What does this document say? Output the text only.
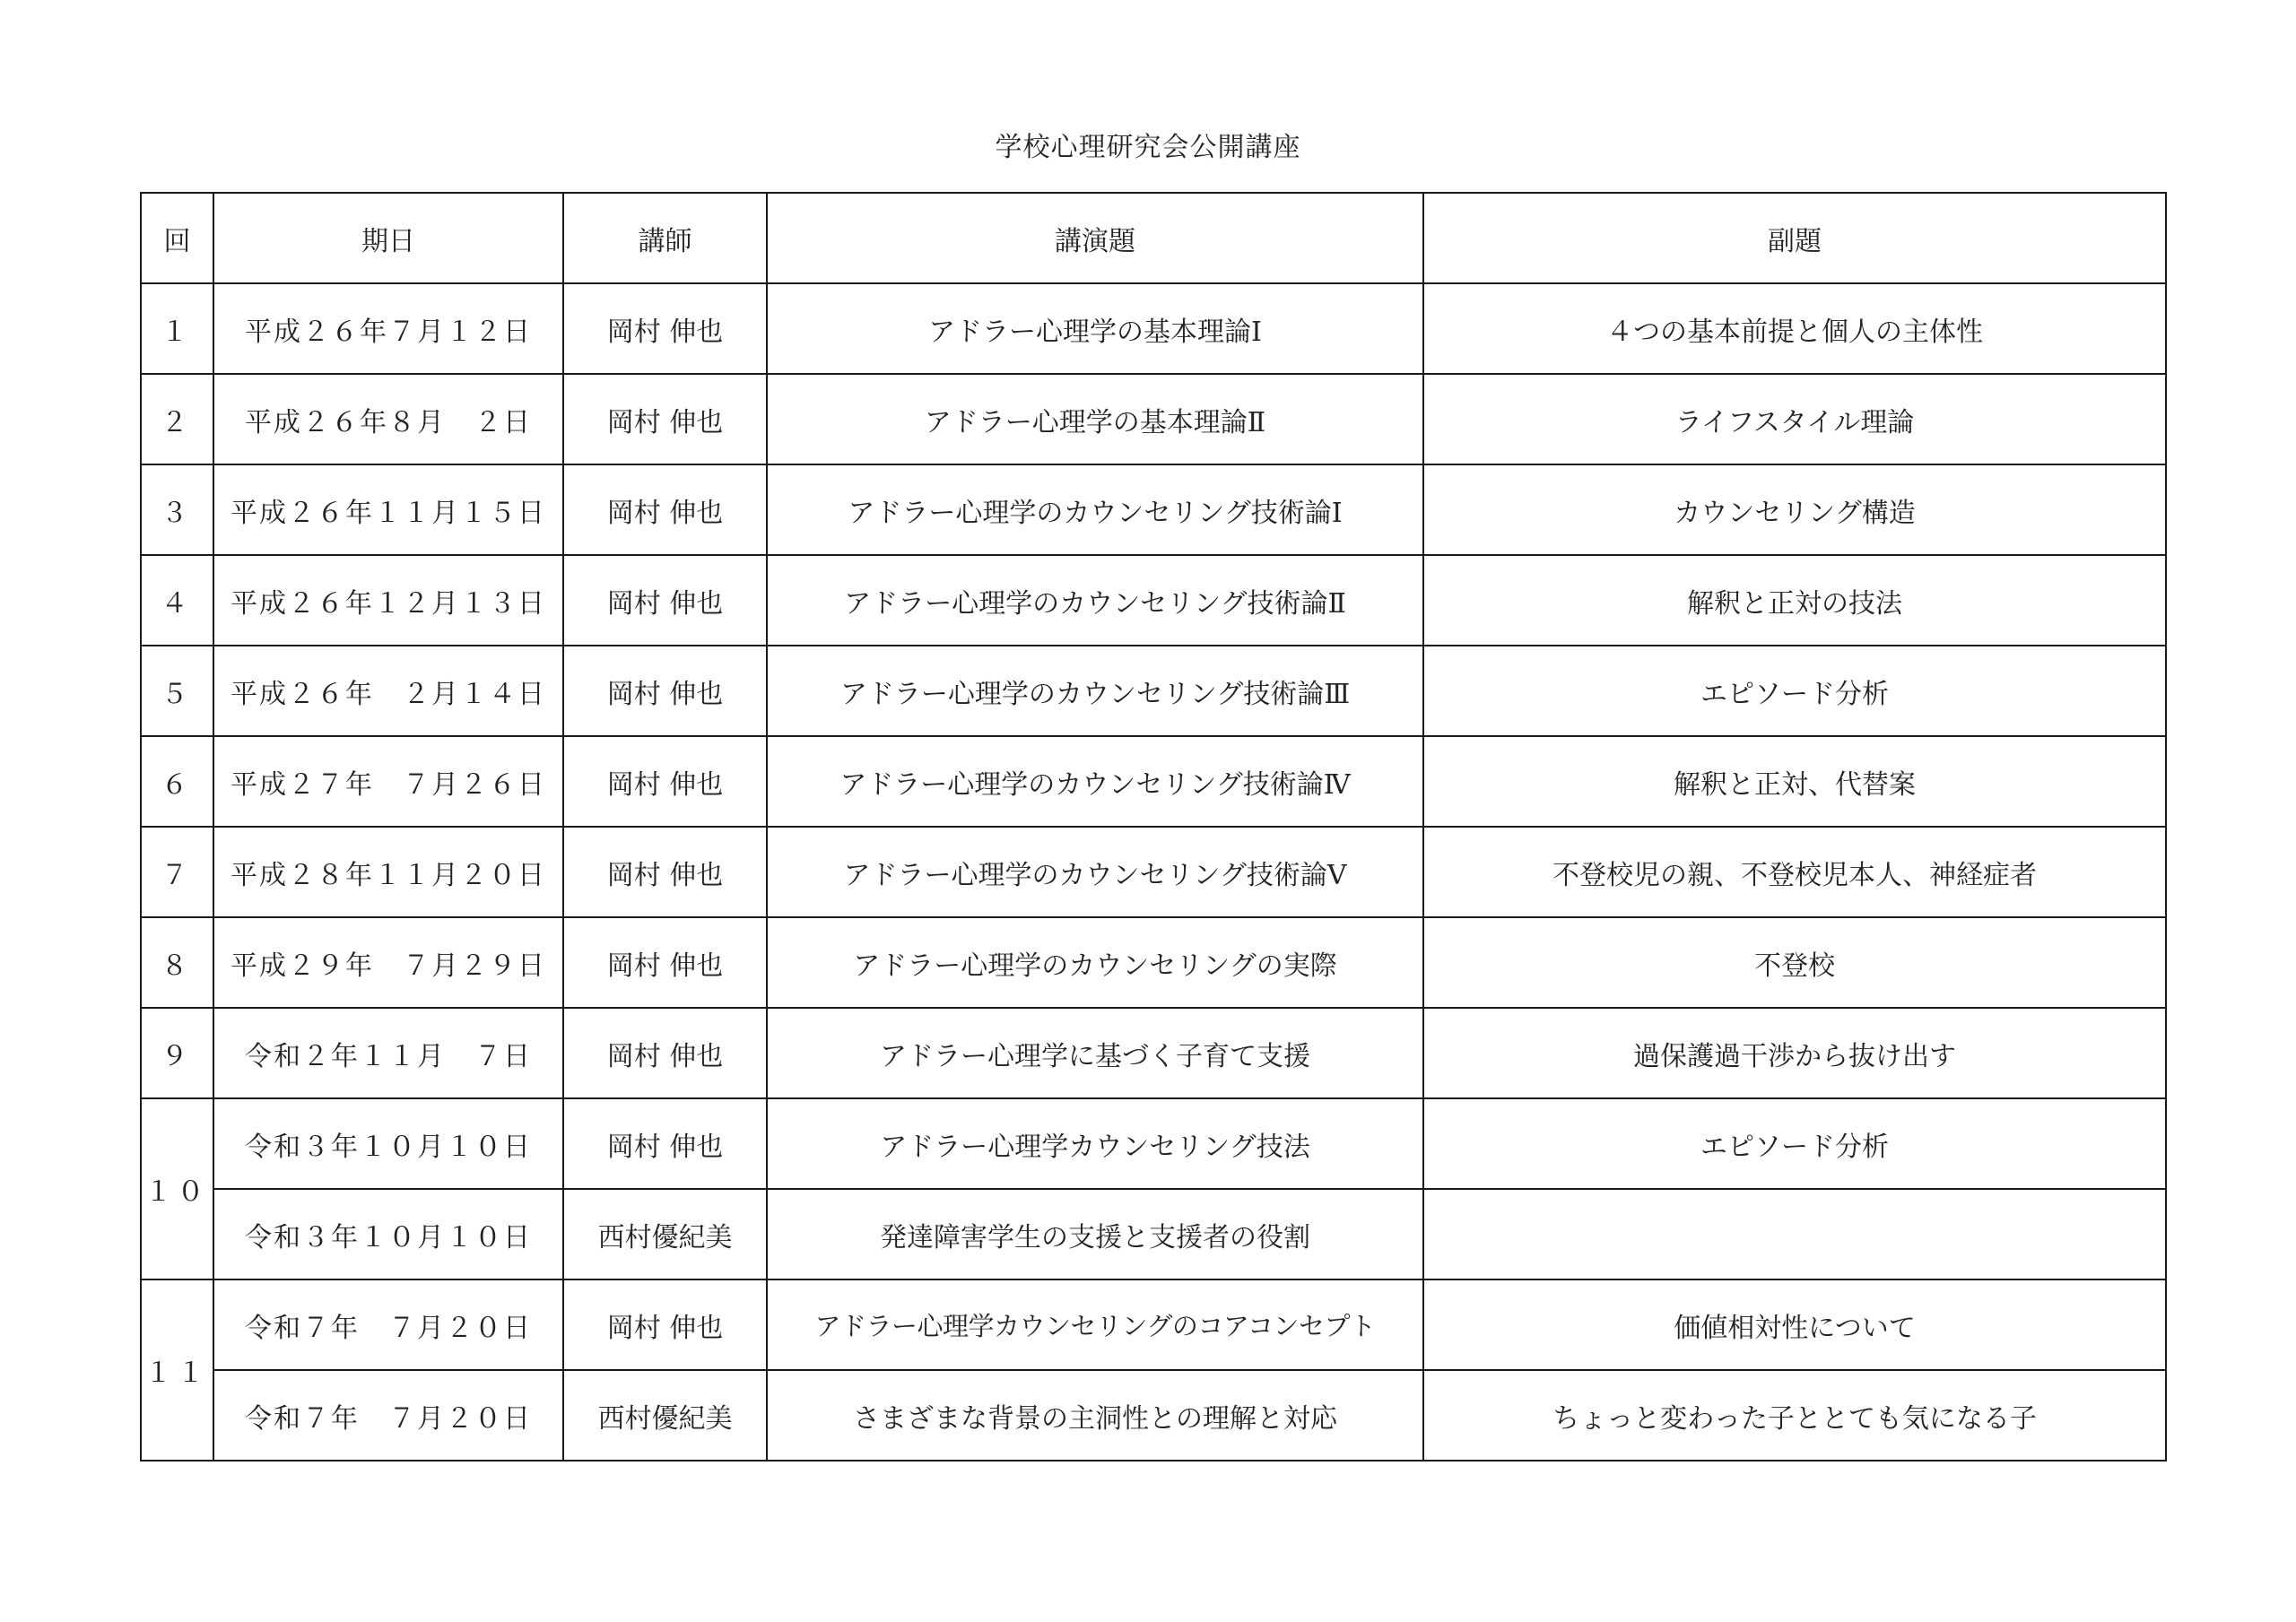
学校心理研究会公開講座
回	期日	講師	講演題	副題
１	平成２６年７月１２日	岡村 伸也	アドラー心理学の基本理論Ⅰ	４つの基本前提と個人の主体性
２	平成２６年８月　２日	岡村 伸也	アドラー心理学の基本理論Ⅱ	ライフスタイル理論
３	平成２６年１１月１５日	岡村 伸也	アドラー心理学のカウンセリング技術論Ⅰ	カウンセリング構造
４	平成２６年１２月１３日	岡村 伸也	アドラー心理学のカウンセリング技術論Ⅱ	解釈と正対の技法
５	平成２６年　２月１４日	岡村 伸也	アドラー心理学のカウンセリング技術論Ⅲ	エピソード分析
６	平成２７年　７月２６日	岡村 伸也	アドラー心理学のカウンセリング技術論Ⅳ	解釈と正対、代替案
７	平成２８年１１月２０日	岡村 伸也	アドラー心理学のカウンセリング技術論Ⅴ	不登校児の親、不登校児本人、神経症者
８	平成２９年　７月２９日	岡村 伸也	アドラー心理学のカウンセリングの実際	不登校
９	令和２年１１月　７日	岡村 伸也	アドラー心理学に基づく子育て支援	過保護過干渉から抜け出す
１０	令和３年１０月１０日	岡村 伸也	アドラー心理学カウンセリング技法	エピソード分析
	令和３年１０月１０日	西村優紀美	発達障害学生の支援と支援者の役割	
１１	令和７年　７月２０日	岡村 伸也	アドラー心理学カウンセリングのコアコンセプト	価値相対性について
	令和７年　７月２０日	西村優紀美	さまざまな背景の主洞性との理解と対応	ちょっと変わった子ととても気になる子
